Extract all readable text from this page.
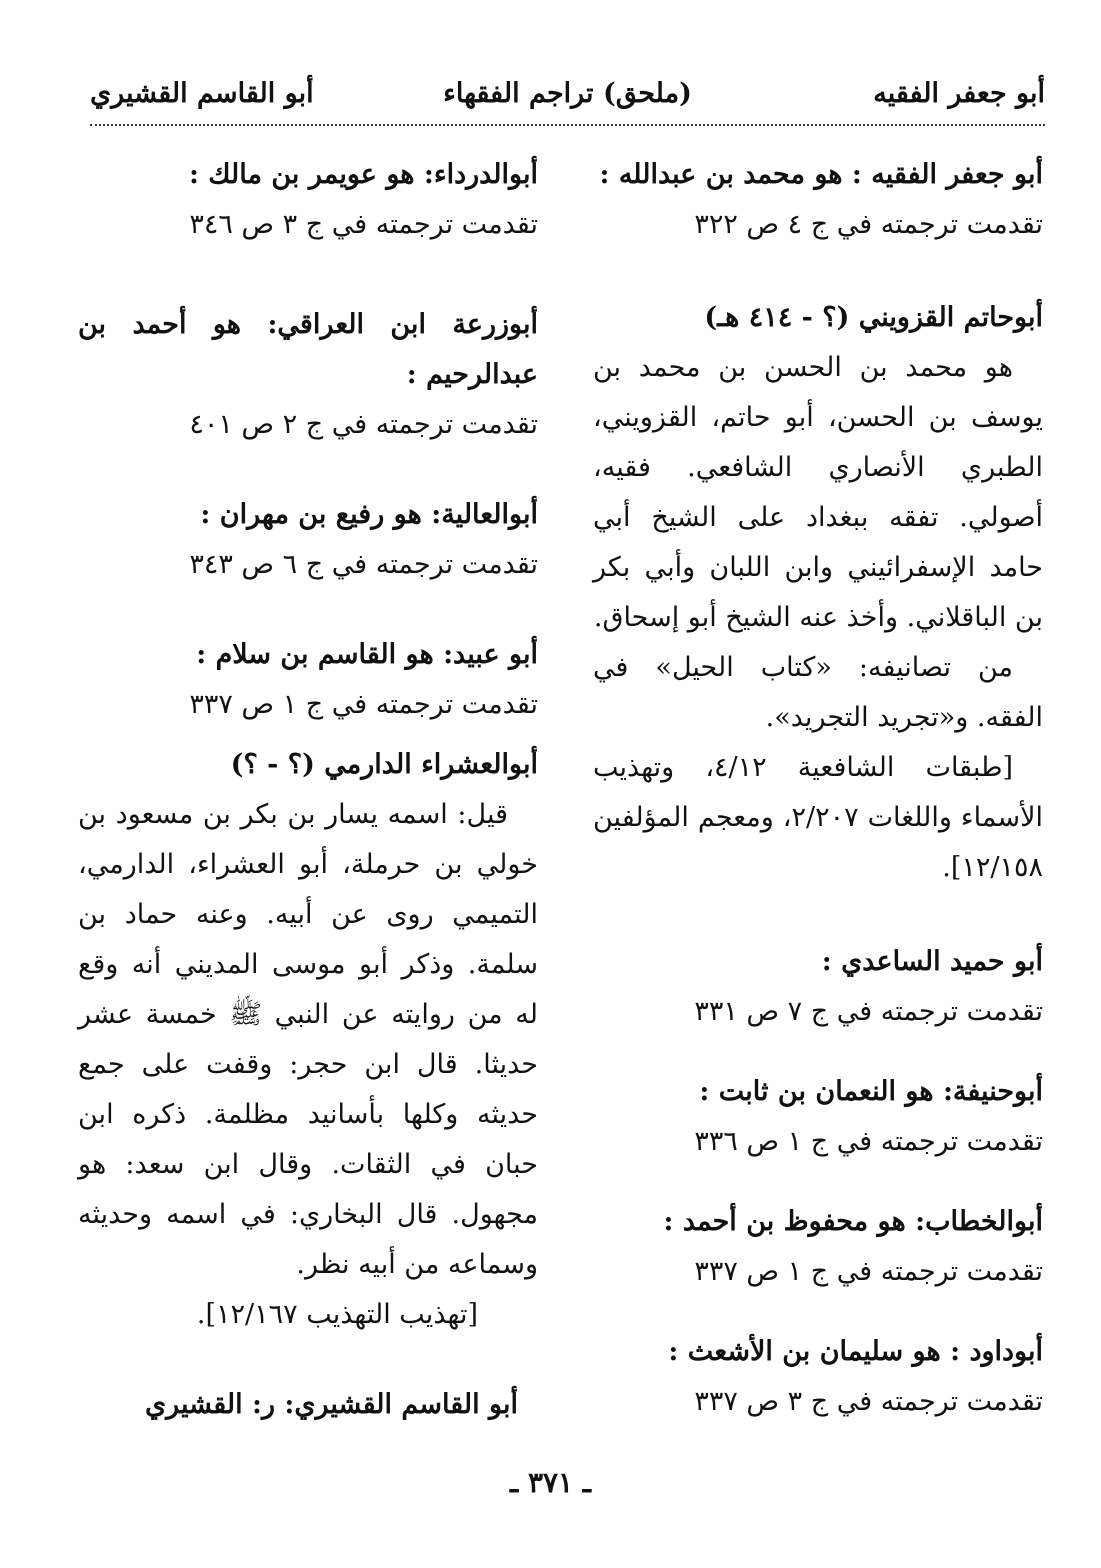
أبو جعفر الفقيه
(ملحق) تراجم الفقهاء
أبو القاسم القشيري
أبو جعفر الفقيه : هو محمد بن عبدالله :
تقدمت ترجمته في ج ٤ ص ٣٢٢
أبوحاتم القزويني (؟ - ٤١٤ هـ)
هو محمد بن الحسن بن محمد بن يوسف بن الحسن، أبو حاتم، القزويني، الطبري الأنصاري الشافعي. فقيه، أصولي. تفقه ببغداد على الشيخ أبي حامد الإسفرائيني وابن اللبان وأبي بكر بن الباقلاني. وأخذ عنه الشيخ أبو إسحاق.
من تصانيفه: «كتاب الحيل» في الفقه. و«تجريد التجريد».
[طبقات الشافعية ٤/١٢، وتهذيب الأسماء واللغات ٢/٢٠٧، ومعجم المؤلفين ١٢/١٥٨].
أبو حميد الساعدي :
تقدمت ترجمته في ج ٧ ص ٣٣١
أبوحنيفة: هو النعمان بن ثابت :
تقدمت ترجمته في ج ١ ص ٣٣٦
أبوالخطاب: هو محفوظ بن أحمد :
تقدمت ترجمته في ج ١ ص ٣٣٧
أبوداود : هو سليمان بن الأشعث :
تقدمت ترجمته في ج ٣ ص ٣٣٧
أبوالدرداء: هو عويمر بن مالك :
تقدمت ترجمته في ج ٣ ص ٣٤٦
أبوزرعة ابن العراقي: هو أحمد بن عبدالرحيم :
تقدمت ترجمته في ج ٢ ص ٤٠١
أبوالعالية: هو رفيع بن مهران :
تقدمت ترجمته في ج ٦ ص ٣٤٣
أبو عبيد: هو القاسم بن سلام :
تقدمت ترجمته في ج ١ ص ٣٣٧
أبوالعشراء الدارمي (؟ - ؟)
قيل: اسمه يسار بن بكر بن مسعود بن خولي بن حرملة، أبو العشراء، الدارمي، التميمي روى عن أبيه. وعنه حماد بن سلمة. وذكر أبو موسى المديني أنه وقع له من روايته عن النبي ﷺ خمسة عشر حديثا. قال ابن حجر: وقفت على جمع حديثه وكلها بأسانيد مظلمة. ذكره ابن حبان في الثقات. وقال ابن سعد: هو مجهول. قال البخاري: في اسمه وحديثه وسماعه من أبيه نظر.
[تهذيب التهذيب ١٢/١٦٧].
أبو القاسم القشيري: ر: القشيري
ـ ٣٧١ ـ
